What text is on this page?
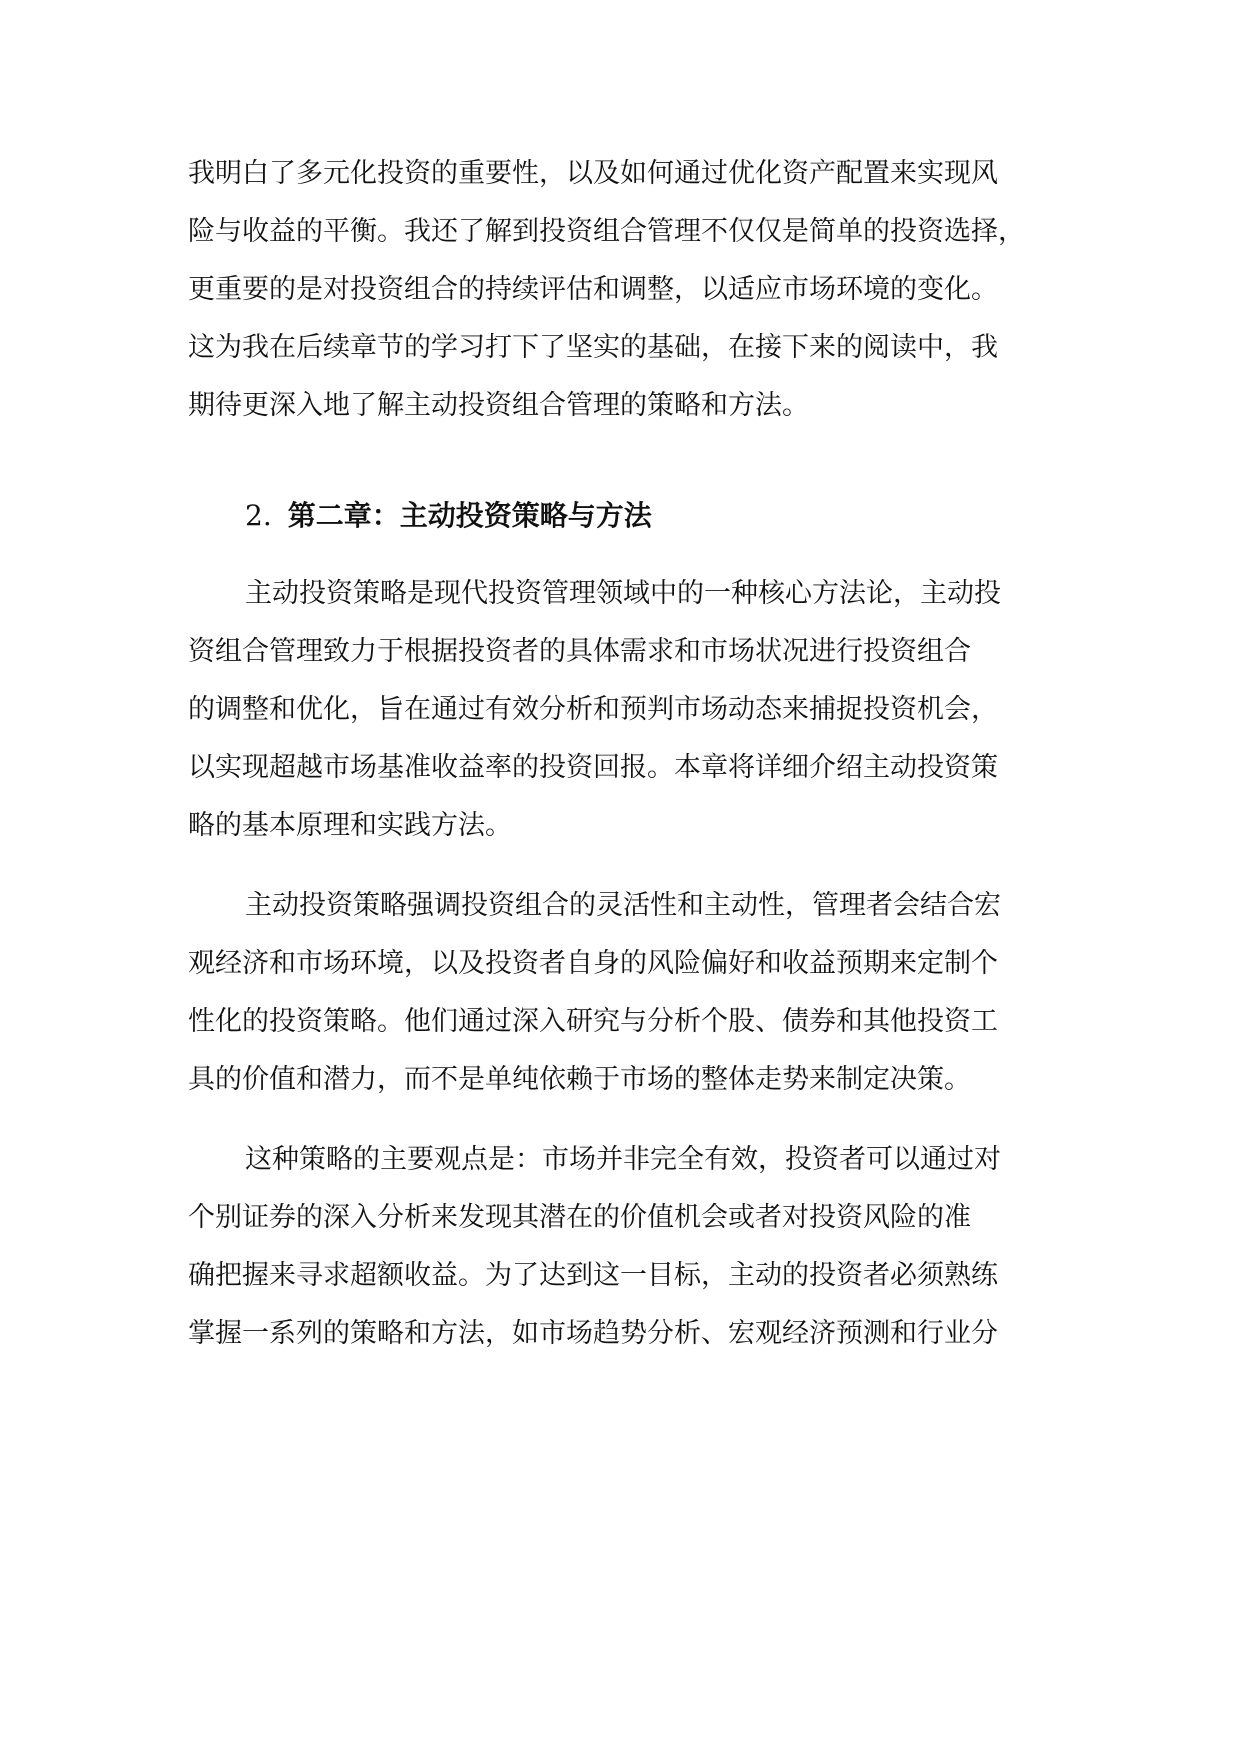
我明白了多元化投资的重要性，以及如何通过优化资产配置来实现风
险与收益的平衡。我还了解到投资组合管理不仅仅是简单的投资选择，
更重要的是对投资组合的持续评估和调整，以适应市场环境的变化。
这为我在后续章节的学习打下了坚实的基础，在接下来的阅读中，我
期待更深入地了解主动投资组合管理的策略和方法。
2. 第二章：主动投资策略与方法
主动投资策略是现代投资管理领域中的一种核心方法论，主动投
资组合管理致力于根据投资者的具体需求和市场状况进行投资组合
的调整和优化，旨在通过有效分析和预判市场动态来捕捉投资机会，
以实现超越市场基准收益率的投资回报。本章将详细介绍主动投资策
略的基本原理和实践方法。
主动投资策略强调投资组合的灵活性和主动性，管理者会结合宏
观经济和市场环境，以及投资者自身的风险偏好和收益预期来定制个
性化的投资策略。他们通过深入研究与分析个股、债券和其他投资工
具的价值和潜力，而不是单纯依赖于市场的整体走势来制定决策。
这种策略的主要观点是：市场并非完全有效，投资者可以通过对
个别证券的深入分析来发现其潜在的价值机会或者对投资风险的准
确把握来寻求超额收益。为了达到这一目标，主动的投资者必须熟练
掌握一系列的策略和方法，如市场趋势分析、宏观经济预测和行业分
